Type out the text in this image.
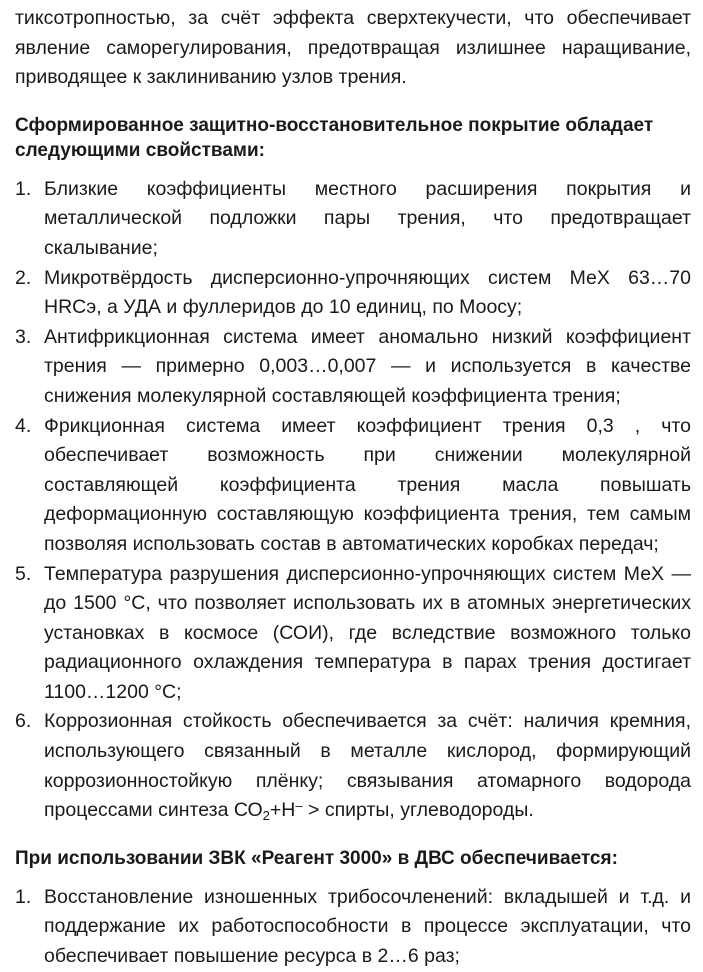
тиксотропностью, за счёт эффекта сверхтекучести, что обеспечивает явление саморегулирования, предотвращая излишнее наращивание, приводящее к заклиниванию узлов трения.

Сформированное защитно-восстановительное покрытие обладает следующими свойствами:

1. Близкие коэффициенты местного расширения покрытия и металлической подложки пары трения, что предотвращает скалывание;
2. Микротвёрдость дисперсионно-упрочняющих систем МеХ 63…70 HRCэ, а УДА и фуллеридов до 10 единиц, по Моосу;
3. Антифрикционная система имеет аномально низкий коэффициент трения — примерно 0,003…0,007 — и используется в качестве снижения молекулярной составляющей коэффициента трения;
4. Фрикционная система имеет коэффициент трения 0,3 , что обеспечивает возможность при снижении молекулярной составляющей коэффициента трения масла повышать деформационную составляющую коэффициента трения, тем самым позволяя использовать состав в автоматических коробках передач;
5. Температура разрушения дисперсионно-упрочняющих систем МеХ — до 1500 °С, что позволяет использовать их в атомных энергетических установках в космосе (СОИ), где вследствие возможного только радиационного охлаждения температура в парах трения достигает 1100…1200 °С;
6. Коррозионная стойкость обеспечивается за счёт: наличия кремния, использующего связанный в металле кислород, формирующий коррозионностойкую плёнку; связывания атомарного водорода процессами синтеза $СО_2+Н^-$ > спирты, углеводороды.

При использовании ЗВК «Реагент 3000» в ДВС обеспечивается:

1. Восстановление изношенных трибосочленений: вкладышей и т.д. и поддержание их работоспособности в процессе эксплуатации, что обеспечивает повышение ресурса в 2…6 раз;
